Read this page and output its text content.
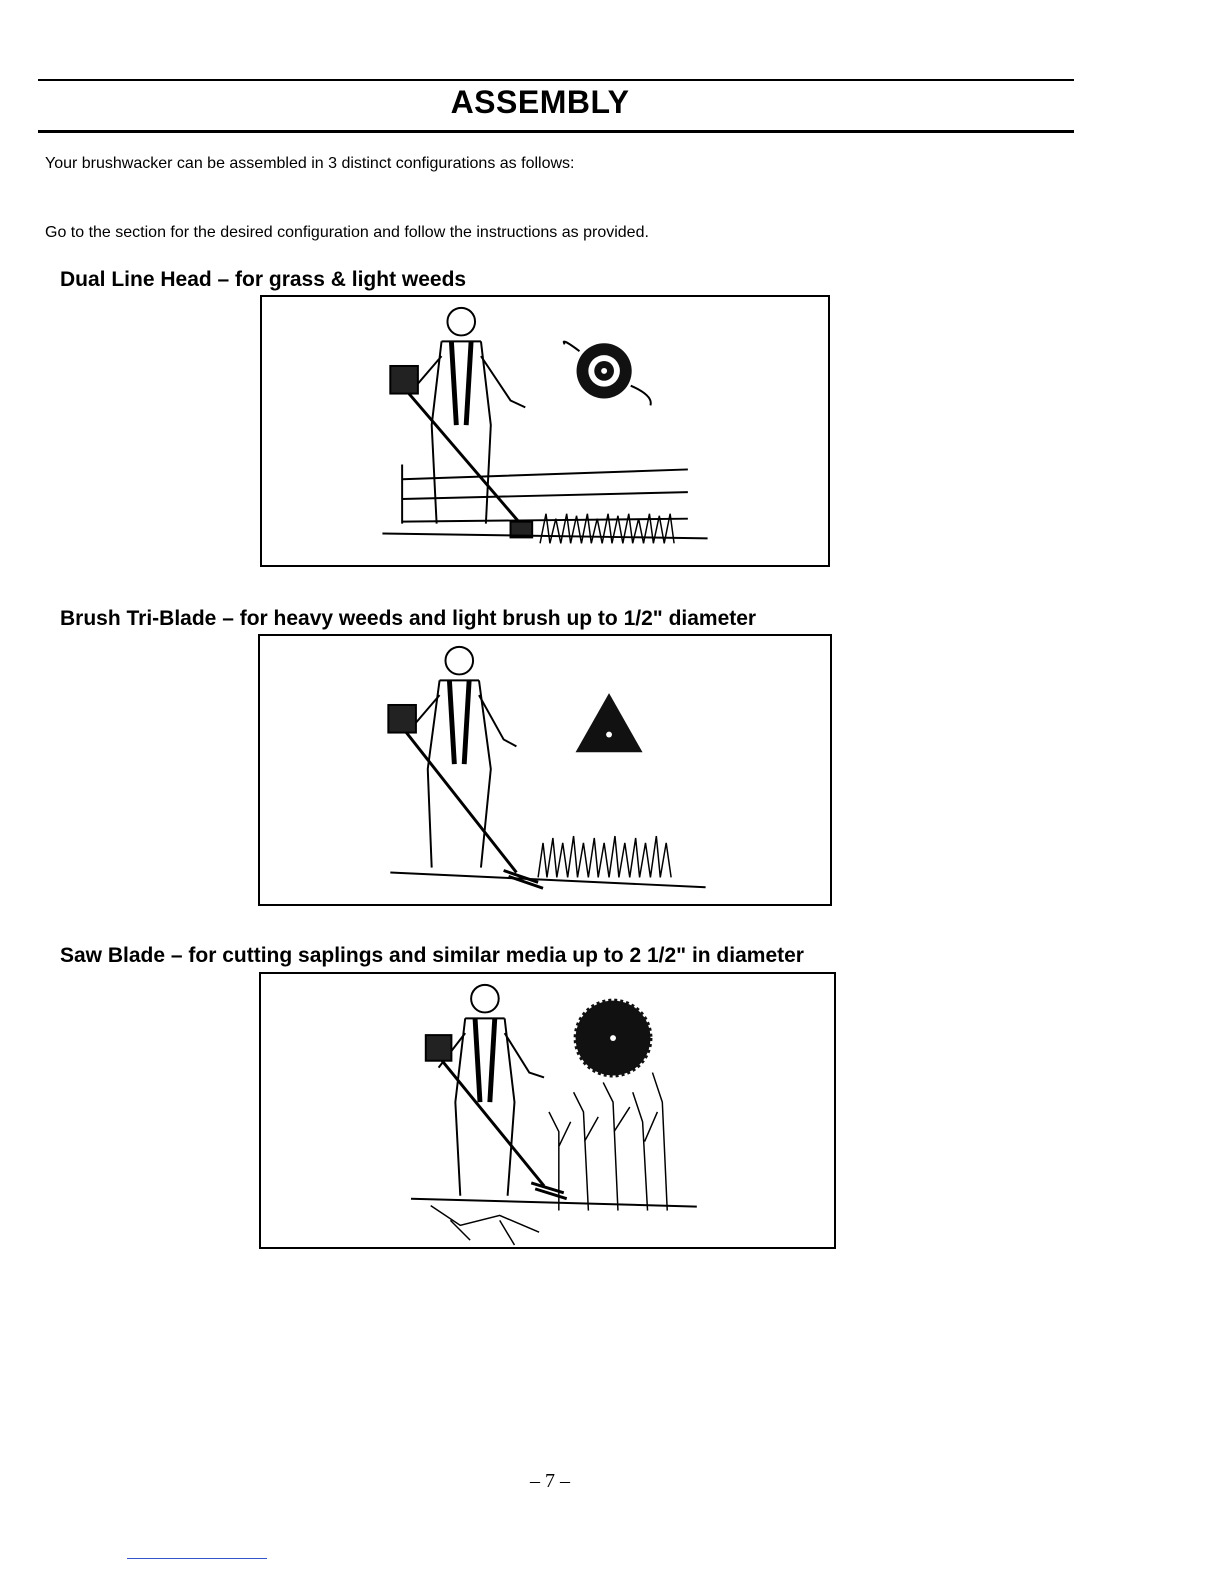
ASSEMBLY
Your brushwacker can be assembled in 3 distinct configurations as follows:
Go to the section for the desired configuration and follow the instructions as provided.
Dual Line Head – for grass & light weeds
Brush Tri-Blade – for heavy weeds and light brush up to 1/2" diameter
Saw Blade – for cutting saplings and similar media up to 2 1/2" in diameter
– 7 –
